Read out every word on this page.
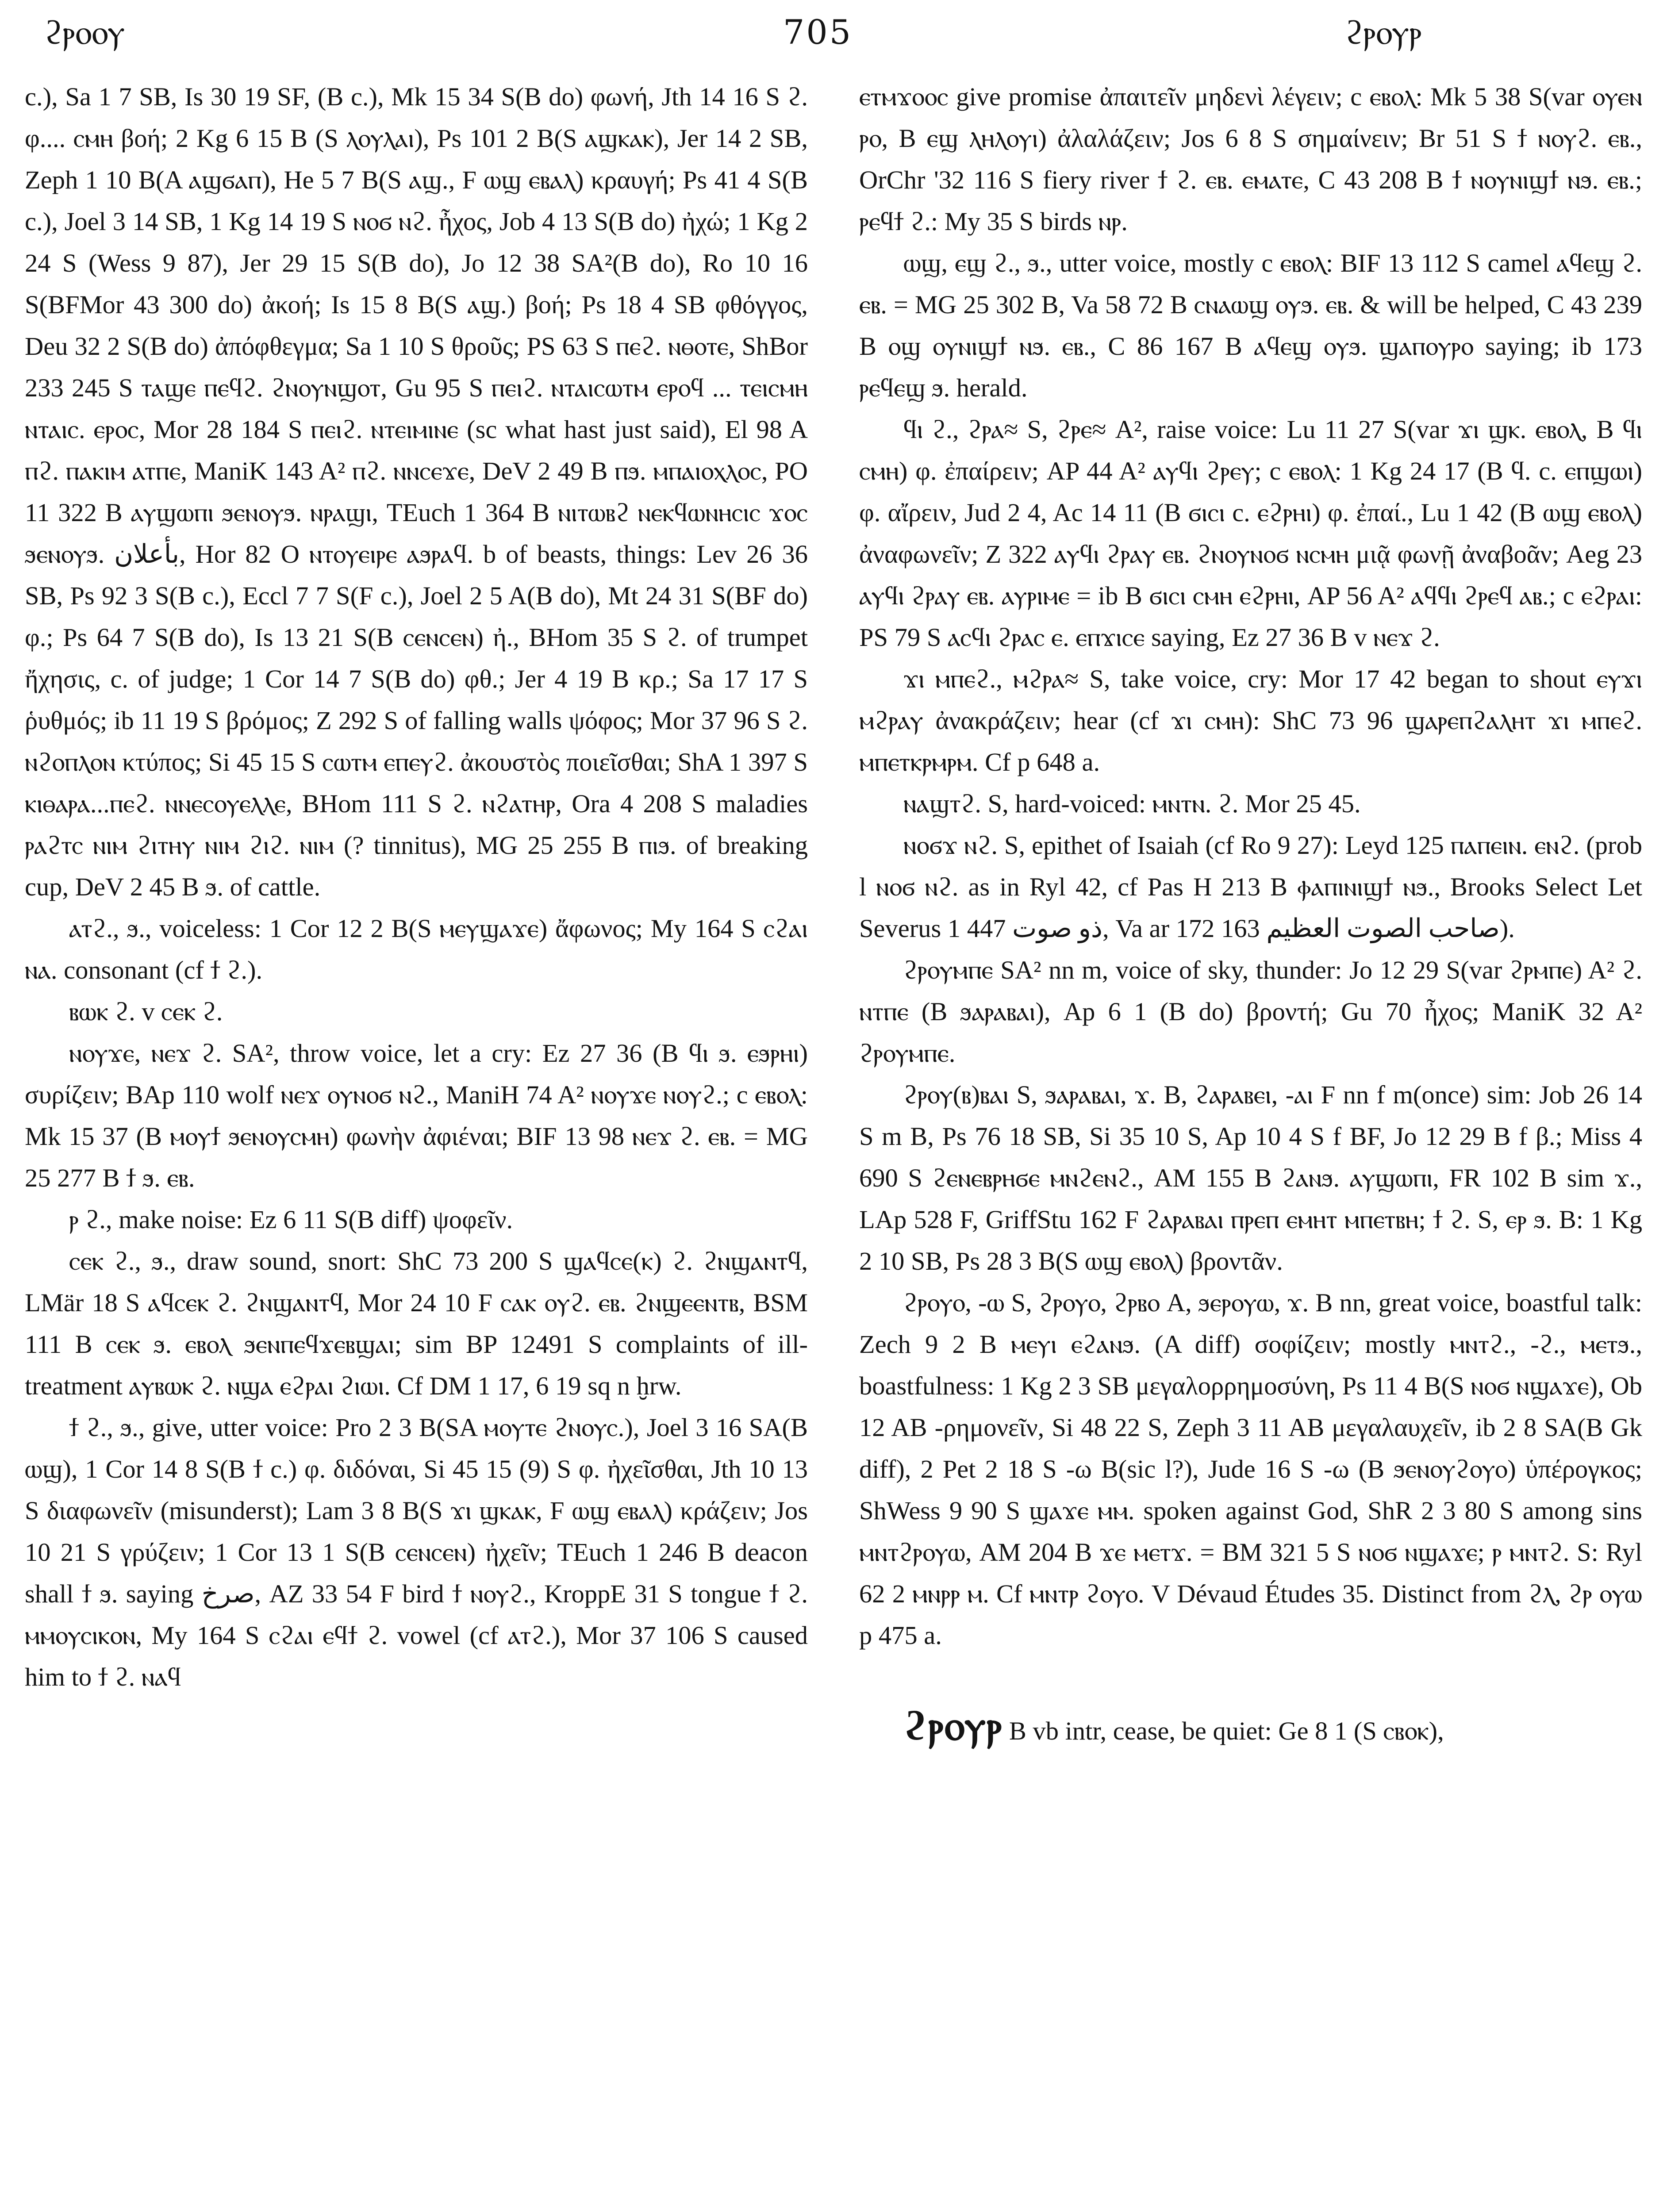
ϩⲣⲟⲟⲩ	705	ϩⲣⲟⲩⲣ

c.), Sa 1 7 SB, Is 30 19 SF, (B c.), Mk 15 34 S(B do) φωνή, Jth 14 16 S ϩ. φ.... ⲥⲙⲏ βοή; 2 Kg 6 15 B (S ⲗⲟⲩⲗⲁⲓ), Ps 101 2 B(S ⲁϣⲕⲁⲕ), Jer 14 2 SB, Zeph 1 10 B(A ⲁϣϭⲁⲡ), He 5 7 B(S ⲁϣ., F ⲱϣ ⲉⲃⲁⲗ) κραυγή; Ps 41 4 S(B c.), Joel 3 14 SB, 1 Kg 14 19 S ⲛⲟϭ ⲛϩ. ἦχος, Job 4 13 S(B do) ἠχώ; 1 Kg 2 24 S (Wess 9 87), Jer 29 15 S(B do), Jo 12 38 SA²(B do), Ro 10 16 S(BFMor 43 300 do) ἀκοή; Is 15 8 B(S ⲁϣ.) βοή; Ps 18 4 SB φθόγγος, Deu 32 2 S(B do) ἀπόφθεγμα; Sa 1 10 S θροῦς; PS 63 S ⲡⲉϩ. ⲛⲑⲟⲧⲉ, ShBor 233 245 S ⲧⲁϣⲉ ⲡⲉϥϩ. ϩⲛⲟⲩⲛϣⲟⲧ, Gu 95 S ⲡⲉⲓϩ. ⲛⲧⲁⲓⲥⲱⲧⲙ ⲉⲣⲟϥ ... ⲧⲉⲓⲥⲙⲏ ⲛⲧⲁⲓⲥ. ⲉⲣⲟⲥ, Mor 28 184 S ⲡⲉⲓϩ. ⲛⲧⲉⲓⲙⲓⲛⲉ (sc what hast just said), El 98 A ⲡϩ. ⲡⲁⲕⲓⲙ ⲁⲧⲡⲉ, ManiK 143 A² ⲡϩ. ⲛⲛⲥⲉϫⲉ, DeV 2 49 B ⲡϧ. ⲙⲡⲁⲓⲟⲭⲗⲟⲥ, PO 11 322 B ⲁⲩϣⲱⲡⲓ ϧⲉⲛⲟⲩϧ. ⲛⲣⲁϣⲓ, TEuch 1 364 B ⲛⲓⲧⲱⲃϩ ⲛⲉⲕϥⲱⲛⲏⲥⲓⲥ ϫⲟⲥ ϧⲉⲛⲟⲩϧ. بأعلان, Hor 82 O ⲛⲧⲟⲩⲉⲓⲣⲉ ⲁϧⲣⲁϥ. b of beasts, things: Lev 26 36 SB, Ps 92 3 S(B c.), Eccl 7 7 S(F c.), Joel 2 5 A(B do), Mt 24 31 S(BF do) φ.; Ps 64 7 S(B do), Is 13 21 S(B ⲥⲉⲛⲥⲉⲛ) ἠ., BHom 35 S ϩ. of trumpet ἤχησις, c. of judge; 1 Cor 14 7 S(B do) φθ.; Jer 4 19 B κρ.; Sa 17 17 S ῥυθμός; ib 11 19 S βρόμος; Z 292 S of falling walls ψόφος; Mor 37 96 S ϩ. ⲛϩⲟⲡⲗⲟⲛ κτύπος; Si 45 15 S ⲥⲱⲧⲙ ⲉⲡⲉⲩϩ. ἀκουστὸς ποιεῖσθαι; ShA 1 397 S ⲕⲓⲑⲁⲣⲁ...ⲡⲉϩ. ⲛⲛⲉⲥⲟⲩⲉⲗⲗⲉ, BHom 111 S ϩ. ⲛϩⲁⲧⲏⲣ, Ora 4 208 S maladies ⲣⲁϩⲧⲥ ⲛⲓⲙ ϩⲓⲧⲏⲩ ⲛⲓⲙ ϩⲓϩ. ⲛⲓⲙ (? tinnitus), MG 25 255 B ⲡⲓϧ. of breaking cup, DeV 2 45 B ϧ. of cattle.

ⲁⲧϩ., ϧ., voiceless: 1 Cor 12 2 B(S ⲙⲉⲩϣⲁϫⲉ) ἄφωνος; My 164 S ⲥϩⲁⲓ ⲛⲁ. consonant (cf ϯ ϩ.).

ⲃⲱⲕ ϩ. v ⲥⲉⲕ ϩ.

ⲛⲟⲩϫⲉ, ⲛⲉϫ ϩ. SA², throw voice, let a cry: Ez 27 36 (B ϥⲓ ϧ. ⲉϧⲣⲏⲓ) συρίζειν; BAp 110 wolf ⲛⲉϫ ⲟⲩⲛⲟϭ ⲛϩ., ManiH 74 A² ⲛⲟⲩϫⲉ ⲛⲟⲩϩ.; c ⲉⲃⲟⲗ: Mk 15 37 (B ⲙⲟⲩϯ ϧⲉⲛⲟⲩⲥⲙⲏ) φωνὴν ἀφιέναι; BIF 13 98 ⲛⲉϫ ϩ. ⲉⲃ. = MG 25 277 B ϯ ϧ. ⲉⲃ.

ⲣ ϩ., make noise: Ez 6 11 S(B diff) ψοφεῖν.

ⲥⲉⲕ ϩ., ϧ., draw sound, snort: ShC 73 200 S ϣⲁϥⲥⲉ(ⲕ) ϩ. ϩⲛϣⲁⲛⲧϥ, LMär 18 S ⲁϥⲥⲉⲕ ϩ. ϩⲛϣⲁⲛⲧϥ, Mor 24 10 F ⲥⲁⲕ ⲟⲩϩ. ⲉⲃ. ϩⲛϣⲉⲉⲛⲧⲃ, BSM 111 B ⲥⲉⲕ ϧ. ⲉⲃⲟⲗ ϧⲉⲛⲡⲉϥϫⲉⲃϣⲁⲓ; sim BP 12491 S complaints of ill-treatment ⲁⲩⲃⲱⲕ ϩ. ⲛϣⲁ ⲉϩⲣⲁⲓ ϩⲓⲱⲓ. Cf DM 1 17, 6 19 sq n ḫrw.

ϯ ϩ., ϧ., give, utter voice: Pro 2 3 B(SA ⲙⲟⲩⲧⲉ ϩⲛⲟⲩⲥ.), Joel 3 16 SA(B ⲱϣ), 1 Cor 14 8 S(B ϯ c.) φ. διδόναι, Si 45 15 (9) S φ. ἠχεῖσθαι, Jth 10 13 S διαφωνεῖν (misunderst); Lam 3 8 B(S ϫⲓ ϣⲕⲁⲕ, F ⲱϣ ⲉⲃⲁⲗ) κράζειν; Jos 10 21 S γρύζειν; 1 Cor 13 1 S(B ⲥⲉⲛⲥⲉⲛ) ἠχεῖν; TEuch 1 246 B deacon shall ϯ ϧ. saying صرخ, AZ 33 54 F bird ϯ ⲛⲟⲩϩ., KroppE 31 S tongue ϯ ϩ. ⲙⲙⲟⲩⲥⲓⲕⲟⲛ, My 164 S ⲥϩⲁⲓ ⲉϥϯ ϩ. vowel (cf ⲁⲧϩ.), Mor 37 106 S caused him to ϯ ϩ. ⲛⲁϥ

ⲉⲧⲙϫⲟⲟⲥ give promise ἀπαιτεῖν μηδενὶ λέγειν; c ⲉⲃⲟⲗ: Mk 5 38 S(var ⲟⲩⲉⲛ ⲣⲟ, B ⲉϣ ⲗⲏⲗⲟⲩⲓ) ἀλαλάζειν; Jos 6 8 S σημαίνειν; Br 51 S ϯ ⲛⲟⲩϩ. ⲉⲃ., OrChr '32 116 S fiery river ϯ ϩ. ⲉⲃ. ⲉⲙⲁⲧⲉ, C 43 208 B ϯ ⲛⲟⲩⲛⲓϣϯ ⲛϧ. ⲉⲃ.; ⲣⲉϥϯ ϩ.: My 35 S birds ⲛⲣ.

ⲱϣ, ⲉϣ ϩ., ϧ., utter voice, mostly c ⲉⲃⲟⲗ: BIF 13 112 S camel ⲁϥⲉϣ ϩ. ⲉⲃ. = MG 25 302 B, Va 58 72 B ⲥⲛⲁⲱϣ ⲟⲩϧ. ⲉⲃ. & will be helped, C 43 239 B ⲟϣ ⲟⲩⲛⲓϣϯ ⲛϧ. ⲉⲃ., C 86 167 B ⲁϥⲉϣ ⲟⲩϧ. ϣⲁⲡⲟⲩⲣⲟ saying; ib 173 ⲣⲉϥⲉϣ ϧ. herald.

ϥⲓ ϩ., ϩⲣⲁ≈ S, ϩⲣⲉ≈ A², raise voice: Lu 11 27 S(var ϫⲓ ϣⲕ. ⲉⲃⲟⲗ, B ϥⲓ ⲥⲙⲏ) φ. ἐπαίρειν; AP 44 A² ⲁⲩϥⲓ ϩⲣⲉⲩ; c ⲉⲃⲟⲗ: 1 Kg 24 17 (B ϥ. c. ⲉⲡϣⲱⲓ) φ. αἴρειν, Jud 2 4, Ac 14 11 (B ϭⲓⲥⲓ c. ⲉϩⲣⲏⲓ) φ. ἐπαί., Lu 1 42 (B ⲱϣ ⲉⲃⲟⲗ) ἀναφωνεῖν; Z 322 ⲁⲩϥⲓ ϩⲣⲁⲩ ⲉⲃ. ϩⲛⲟⲩⲛⲟϭ ⲛⲥⲙⲏ μιᾷ φωνῇ ἀναβοᾶν; Aeg 23 ⲁⲩϥⲓ ϩⲣⲁⲩ ⲉⲃ. ⲁⲩⲣⲓⲙⲉ = ib B ϭⲓⲥⲓ ⲥⲙⲏ ⲉϩⲣⲏⲓ, AP 56 A² ⲁϥϥⲓ ϩⲣⲉϥ ⲁⲃ.; c ⲉϩⲣⲁⲓ: PS 79 S ⲁⲥϥⲓ ϩⲣⲁⲥ ⲉ. ⲉⲡϫⲓⲥⲉ saying, Ez 27 36 B v ⲛⲉϫ ϩ.

ϫⲓ ⲙⲡⲉϩ., ⲙϩⲣⲁ≈ S, take voice, cry: Mor 17 42 began to shout ⲉⲩϫⲓ ⲙϩⲣⲁⲩ ἀνακράζειν; hear (cf ϫⲓ ⲥⲙⲏ): ShC 73 96 ϣⲁⲣⲉⲡϩⲁⲗⲏⲧ ϫⲓ ⲙⲡⲉϩ. ⲙⲡⲉⲧⲕⲣⲙⲣⲙ. Cf p 648 a.

ⲛⲁϣⲧϩ. S, hard-voiced: ⲙⲛⲧⲛ. ϩ. Mor 25 45.

ⲛⲟϭϫ ⲛϩ. S, epithet of Isaiah (cf Ro 9 27): Leyd 125 ⲡⲁⲡⲉⲓⲛ. ⲉⲛϩ. (prob l ⲛⲟϭ ⲛϩ. as in Ryl 42, cf Pas H 213 B ⲫⲁⲡⲓⲛⲓϣϯ ⲛϧ., Brooks Select Let Severus 1 447 ذو صوت, Va ar 172 163 صاحب الصوت العظيم).

ϩⲣⲟⲩⲙⲡⲉ SA² nn m, voice of sky, thunder: Jo 12 29 S(var ϩⲣⲙⲡⲉ) A² ϩ. ⲛⲧⲡⲉ (B ϧⲁⲣⲁⲃⲁⲓ), Ap 6 1 (B do) βροντή; Gu 70 ἦχος; ManiK 32 A² ϩⲣⲟⲩⲙⲡⲉ.

ϩⲣⲟⲩ(ⲃ)ⲃⲁⲓ S, ϧⲁⲣⲁⲃⲁⲓ, ϫ. B, ϩⲁⲣⲁⲃⲉⲓ, -ⲁⲓ F nn f m(once) sim: Job 26 14 S m B, Ps 76 18 SB, Si 35 10 S, Ap 10 4 S f BF, Jo 12 29 B f β.; Miss 4 690 S ϩⲉⲛⲉⲃⲣⲏϭⲉ ⲙⲛϩⲉⲛϩ., AM 155 B ϩⲁⲛϧ. ⲁⲩϣⲱⲡⲓ, FR 102 B sim ϫ., LAp 528 F, GriffStu 162 F ϩⲁⲣⲁⲃⲁⲓ ⲡⲣⲉⲡ ⲉⲙⲏⲧ ⲙⲡⲉⲧⲃⲏ; ϯ ϩ. S, ⲉⲣ ϧ. B: 1 Kg 2 10 SB, Ps 28 3 B(S ⲱϣ ⲉⲃⲟⲗ) βροντᾶν.

ϩⲣⲟⲩⲟ, -ⲱ S, ϩⲣⲟⲩⲟ, ϩⲣⲃⲟ A, ϧⲉⲣⲟⲩⲱ, ϫ. B nn, great voice, boastful talk: Zech 9 2 B ⲙⲉⲩⲓ ⲉϩⲁⲛϧ. (A diff) σοφίζειν; mostly ⲙⲛⲧϩ., -ϩ., ⲙⲉⲧϧ., boastfulness: 1 Kg 2 3 SB μεγαλορρημοσύνη, Ps 11 4 B(S ⲛⲟϭ ⲛϣⲁϫⲉ), Ob 12 AB -ρημονεῖν, Si 48 22 S, Zeph 3 11 AB μεγαλαυχεῖν, ib 2 8 SA(B Gk diff), 2 Pet 2 18 S -ω B(sic l?), Jude 16 S -ω (B ϧⲉⲛⲟⲩϩⲟⲩⲟ) ὑπέρογκος; ShWess 9 90 S ϣⲁϫⲉ ⲙⲙ. spoken against God, ShR 2 3 80 S among sins ⲙⲛⲧϩⲣⲟⲩⲱ, AM 204 B ϫⲉ ⲙⲉⲧϫ. = BM 321 5 S ⲛⲟϭ ⲛϣⲁϫⲉ; ⲣ ⲙⲛⲧϩ. S: Ryl 62 2 ⲙⲛⲣⲣ ⲙ. Cf ⲙⲛⲧⲣ ϩⲟⲩⲟ. V Dévaud Études 35. Distinct from ϩⲗ, ϩⲣ ⲟⲩⲱ p 475 a.

ϩⲣⲟⲩⲣ B vb intr, cease, be quiet: Ge 8 1 (S ⲥⲃⲟⲕ),
